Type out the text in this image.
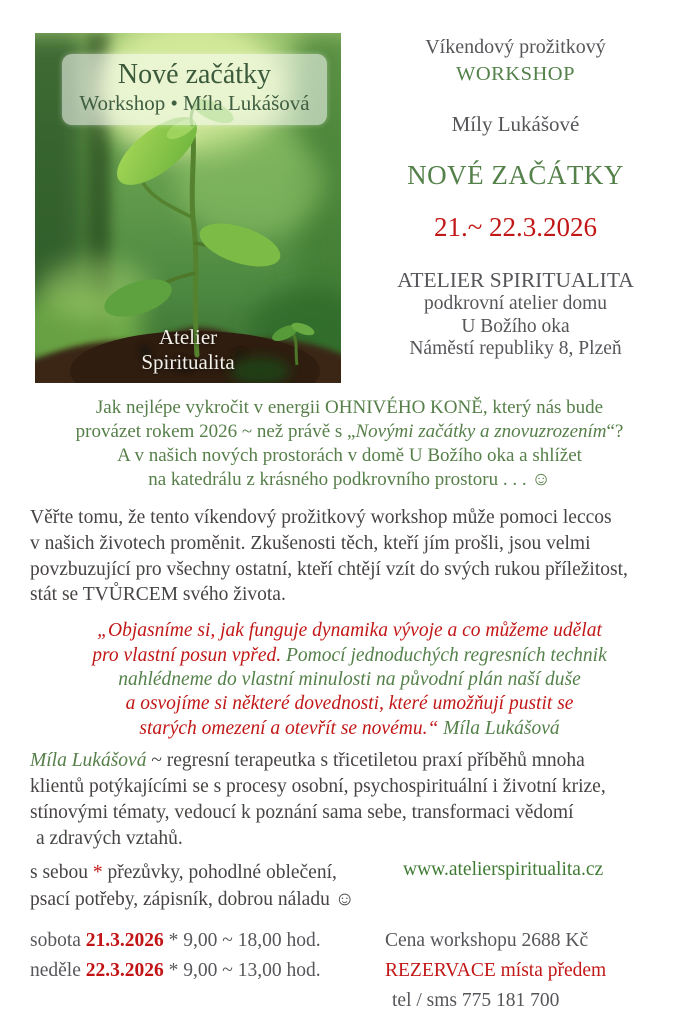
Nové začátky
Workshop • Míla Lukášová
Atelier
Spiritualita
Víkendový prožitkový
WORKSHOP
Míly Lukášové
NOVÉ ZAČÁTKY
21.~ 22.3.2026
ATELIER SPIRITUALITA
podkrovní atelier domu
U Božího oka
Náměstí republiky 8, Plzeň
Jak nejlépe vykročit v energii OHNIVÉHO KONĚ, který nás bude
provázet rokem 2026 ~ než právě s „Novými začátky a znovuzrozením“?
A v našich nových prostorách v domě U Božího oka a shlížet
na katedrálu z krásného podkrovního prostoru . . . ☺
Věřte tomu, že tento víkendový prožitkový workshop může pomoci leccos
v našich životech proměnit. Zkušenosti těch, kteří jím prošli, jsou velmi
povzbuzující pro všechny ostatní, kteří chtějí vzít do svých rukou příležitost,
stát se TVŮRCEM svého života.
„Objasníme si, jak funguje dynamika vývoje a co můžeme udělat
pro vlastní posun vpřed. Pomocí jednoduchých regresních technik
nahlédneme do vlastní minulosti na původní plán naší duše
a osvojíme si některé dovednosti, které umožňují pustit se
starých omezení a otevřít se novému.“ Míla Lukášová
Míla Lukášová ~ regresní terapeutka s třicetiletou praxí příběhů mnoha
klientů potýkajícími se s procesy osobní, psychospirituální i životní krize,
stínovými tématy, vedoucí k poznání sama sebe, transformaci vědomí
a zdravých vztahů.
s sebou * přezůvky, pohodlné oblečení,
psací potřeby, zápisník, dobrou náladu ☺
www.atelierspiritualita.cz
sobota 21.3.2026 * 9,00 ~ 18,00 hod.
neděle 22.3.2026 * 9,00 ~ 13,00 hod.
Cena workshopu 2688 Kč
REZERVACE místa předem
tel / sms 775 181 700
